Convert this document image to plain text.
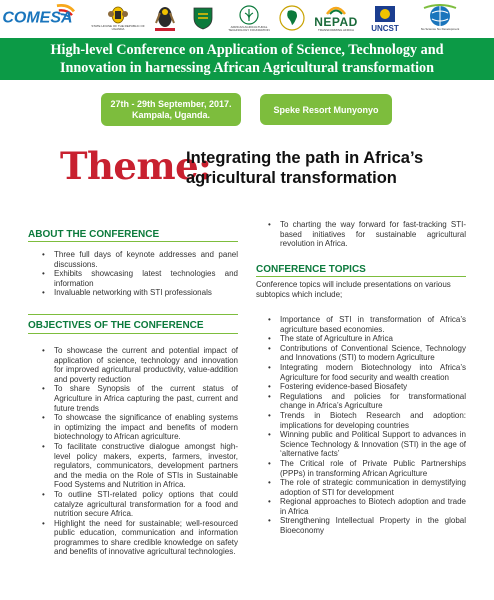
COMESA	STATE HOUSE OF THE REPUBLIC OF UGANDA
AFRICAN AGRICULTURAL TECHNOLOGY FOUNDATION
NEPAD
TRANSFORMING AFRICA UNCST	No Science No Development
High-level Conference on Application of Science, Technology and
Innovation in harnessing African Agricultural transformation
27th - 29th September, 2017.
Kampala, Uganda.	Speke Resort Munyonyo
Theme:
Integrating the path in Africa’s
agricultural transformation
ABOUT THE CONFERENCE
• Three full days of keynote addresses and panel discussions.
• Exhibits showcasing latest technologies and information
• Invaluable networking with STI professionals
OBJECTIVES OF THE CONFERENCE
• To showcase the current and potential impact of application of science, technology and innovation for improved agricultural productivity, value-addition and poverty reduction
• To share Synopsis of the current status of Agriculture in Africa capturing the past, current and future trends
• To showcase the significance of enabling systems in optimizing the impact and benefits of modern biotechnology to African agriculture.
• To facilitate constructive dialogue amongst high-level policy makers, experts, farmers, investor, regulators, communicators, development partners and the media on the Role of STIs in Sustainable Food Systems and Nutrition in Africa.
• To outline STI-related policy options that could catalyze agricultural transformation for a food and nutrition secure Africa.
• Highlight the need for sustainable; well-resourced public education, communication and information programmes to share credible knowledge on safety and benefits of innovative agricultural technologies.
• To charting the way forward for fast-tracking STI-based initiatives for sustainable agricultural revolution in Africa.
CONFERENCE TOPICS
Conference topics will include presentations on various subtopics which include;
• Importance of STI in transformation of Africa’s agriculture based economies.
• The state of Agriculture in Africa
• Contributions of Conventional Science, Technology and Innovations (STI) to modern Agriculture
• Integrating modern Biotechnology into Africa’s Agriculture for food security and wealth creation
• Fostering evidence-based Biosafety
• Regulations and policies for transformational change in Africa’s Agriculture
• Trends in Biotech Research and adoption: implications for developing countries
• Winning public and Political Support to advances in Science Technology & Innovation (STI) in the age of ‘alternative facts’
• The Critical role of Private Public Partnerships (PPPs) in transforming African Agriculture
• The role of strategic communication in demystifying adoption of STI for development
• Regional approaches to Biotech adoption and trade in Africa
• Strengthening Intellectual Property in the global Bioeconomy
